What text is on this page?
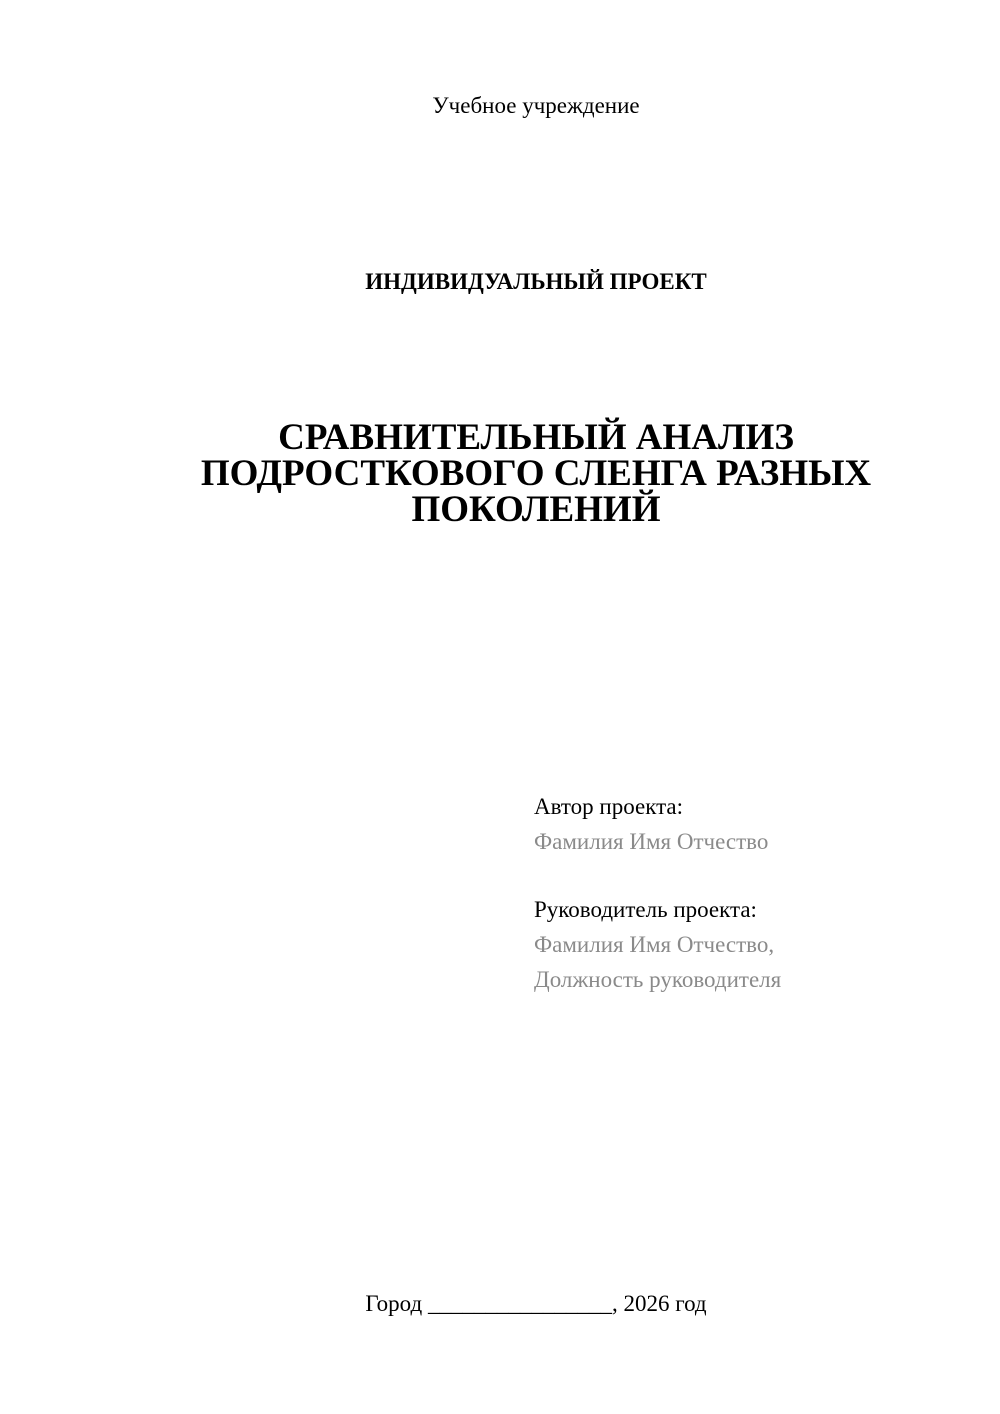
Учебное учреждение
ИНДИВИДУАЛЬНЫЙ ПРОЕКТ
СРАВНИТЕЛЬНЫЙ АНАЛИЗ
ПОДРОСТКОВОГО СЛЕНГА РАЗНЫХ
ПОКОЛЕНИЙ
Автор проекта:
Фамилия Имя Отчество
Руководитель проекта:
Фамилия Имя Отчество,
Должность руководителя
Город ________________, 2026 год
